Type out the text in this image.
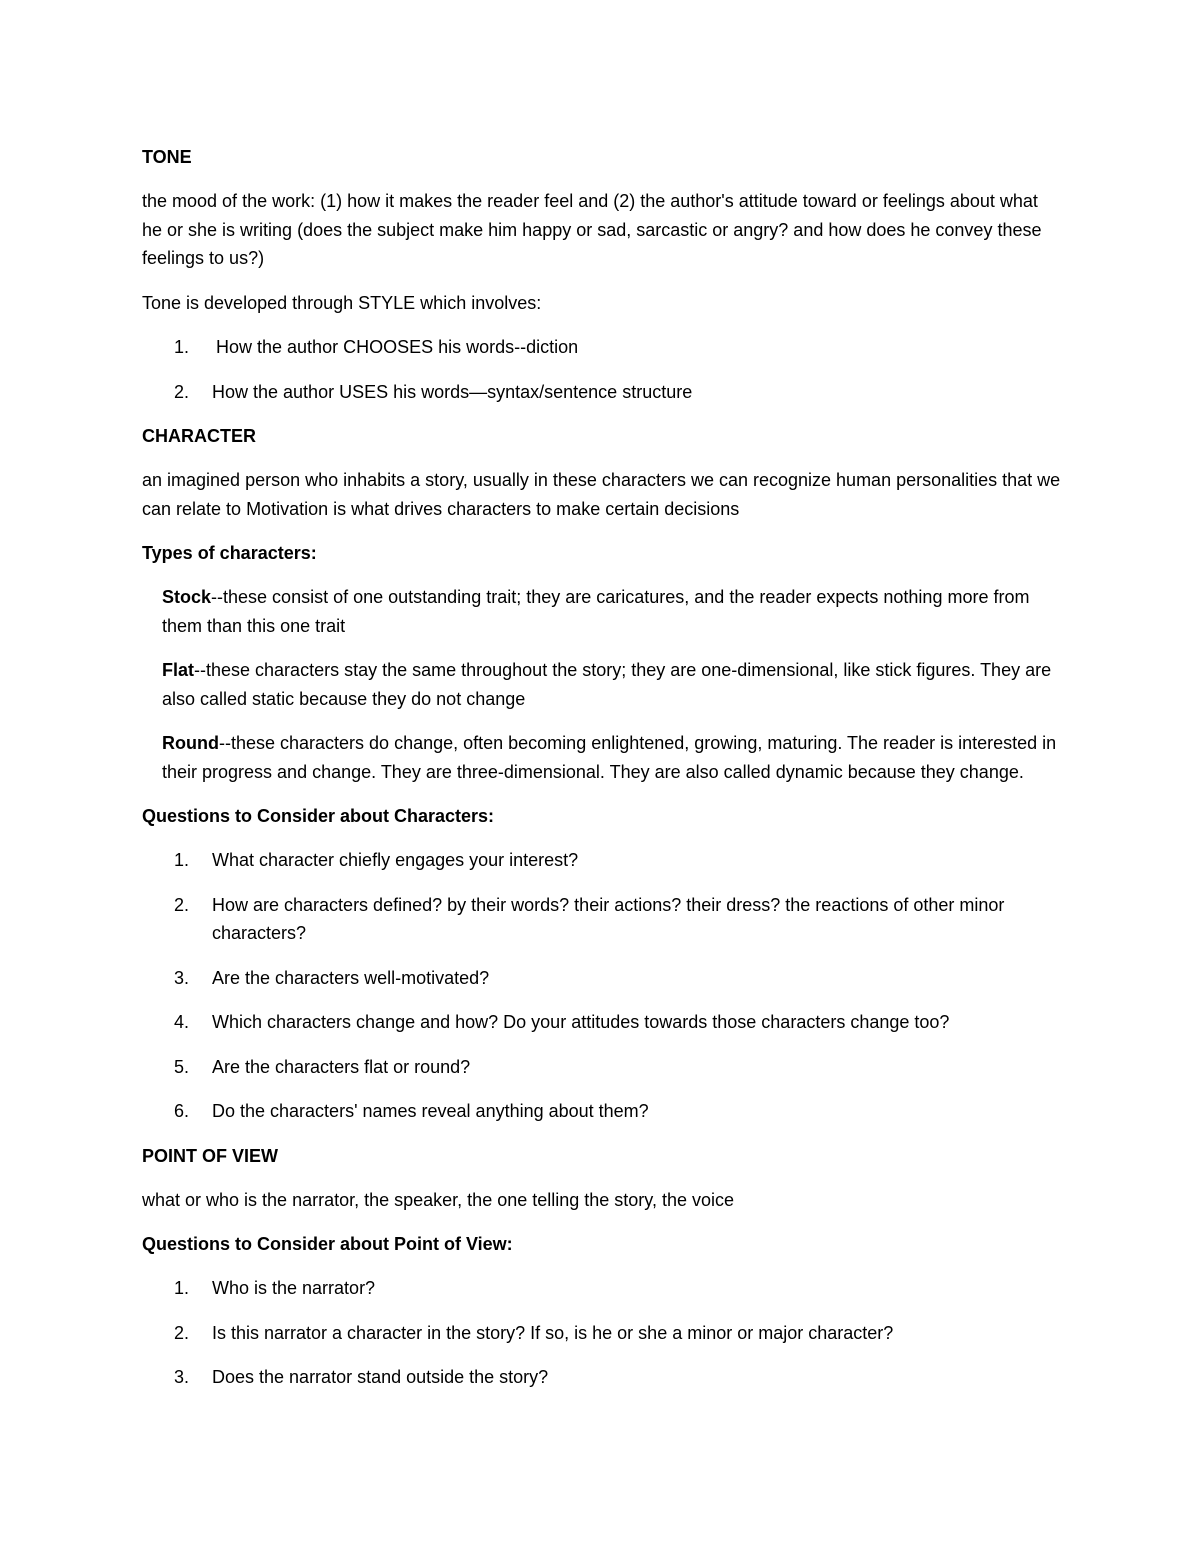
TONE
the mood of the work: (1) how it makes the reader feel and (2) the author's attitude toward or feelings about what he or she is writing (does the subject make him happy or sad, sarcastic or angry? and how does he convey these feelings to us?)
Tone is developed through STYLE which involves:
1. How the author CHOOSES his words--diction
2. How the author USES his words—syntax/sentence structure
CHARACTER
an imagined person who inhabits a story, usually in these characters we can recognize human personalities that we can relate to Motivation is what drives characters to make certain decisions
Types of characters:
Stock--these consist of one outstanding trait; they are caricatures, and the reader expects nothing more from them than this one trait
Flat--these characters stay the same throughout the story; they are one-dimensional, like stick figures. They are also called static because they do not change
Round--these characters do change, often becoming enlightened, growing, maturing. The reader is interested in their progress and change. They are three-dimensional. They are also called dynamic because they change.
Questions to Consider about Characters:
1. What character chiefly engages your interest?
2. How are characters defined? by their words? their actions? their dress? the reactions of other minor characters?
3. Are the characters well-motivated?
4. Which characters change and how? Do your attitudes towards those characters change too?
5. Are the characters flat or round?
6. Do the characters' names reveal anything about them?
POINT OF VIEW
what or who is the narrator, the speaker, the one telling the story, the voice
Questions to Consider about Point of View:
1. Who is the narrator?
2. Is this narrator a character in the story? If so, is he or she a minor or major character?
3. Does the narrator stand outside the story?
